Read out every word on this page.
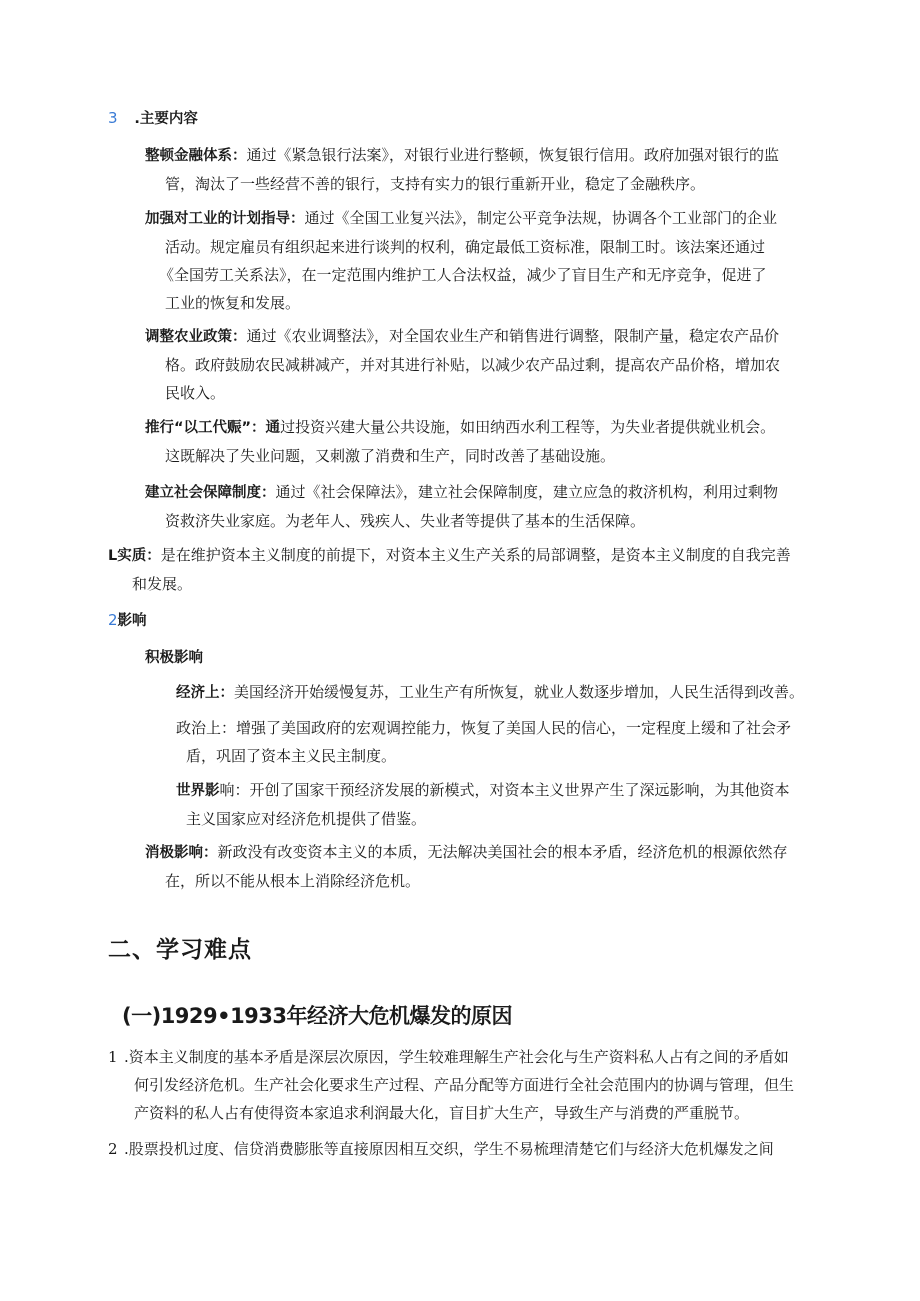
3 .主要内容

整顿金融体系：通过《紧急银行法案》，对银行业进行整顿，恢复银行信用。政府加强对银行的监

管，淘汰了一些经营不善的银行，支持有实力的银行重新开业，稳定了金融秩序。

加强对工业的计划指导：通过《全国工业复兴法》，制定公平竞争法规，协调各个工业部门的企业

活动。规定雇员有组织起来进行谈判的权利，确定最低工资标准，限制工时。该法案还通过

《全国劳工关系法》，在一定范围内维护工人合法权益，减少了盲目生产和无序竞争，促进了

工业的恢复和发展。

调整农业政策：通过《农业调整法》，对全国农业生产和销售进行调整，限制产量，稳定农产品价

格。政府鼓励农民减耕减产，并对其进行补贴，以减少农产品过剩，提高农产品价格，增加农

民收入。

推行“以工代赈”：通过投资兴建大量公共设施，如田纳西水利工程等，为失业者提供就业机会。

这既解决了失业问题，又刺激了消费和生产，同时改善了基础设施。

建立社会保障制度：通过《社会保障法》，建立社会保障制度，建立应急的救济机构，利用过剩物

资救济失业家庭。为老年人、残疾人、失业者等提供了基本的生活保障。

L实质：是在维护资本主义制度的前提下，对资本主义生产关系的局部调整，是资本主义制度的自我完善

和发展。

2影响
积极影响

经济上：美国经济开始缓慢复苏，工业生产有所恢复，就业人数逐步增加，人民生活得到改善。

政治上：增强了美国政府的宏观调控能力，恢复了美国人民的信心，一定程度上缓和了社会矛

盾，巩固了资本主义民主制度。

世界影响：开创了国家干预经济发展的新模式，对资本主义世界产生了深远影响，为其他资本

主义国家应对经济危机提供了借鉴。

消极影响：新政没有改变资本主义的本质，无法解决美国社会的根本矛盾，经济危机的根源依然存

在，所以不能从根本上消除经济危机。

二、学习难点
(一)1929•1933年经济大危机爆发的原因

1 .资本主义制度的基本矛盾是深层次原因，学生较难理解生产社会化与生产资料私人占有之间的矛盾如

何引发经济危机。生产社会化要求生产过程、产品分配等方面进行全社会范围内的协调与管理，但生

产资料的私人占有使得资本家追求利润最大化，盲目扩大生产，导致生产与消费的严重脱节。

2 .股票投机过度、信贷消费膨胀等直接原因相互交织，学生不易梳理清楚它们与经济大危机爆发之间
